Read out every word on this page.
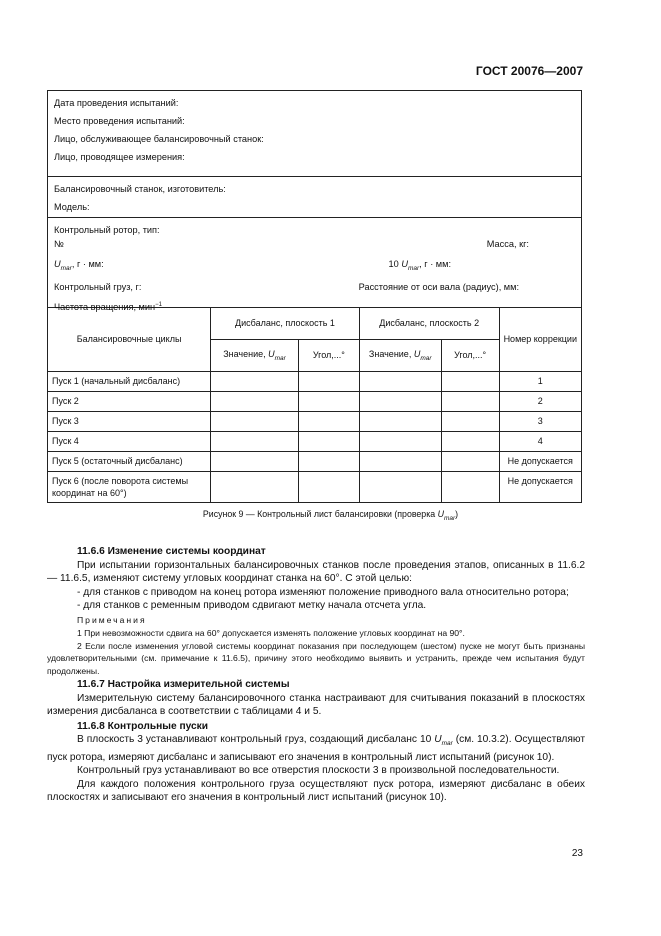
ГОСТ 20076—2007
Дата проведения испытаний:
Место проведения испытаний:
Лицо, обслуживающее балансировочный станок:
Лицо, проводящее измерения:
Балансировочный станок, изготовитель:
Модель:
Контрольный ротор, тип:
№	Масса, кг:
$U_{mar}$, г · мм:	10 $U_{mar}$, г · мм:
Контрольный груз, г:	Расстояние от оси вала (радиус), мм:
Частота вращения, мин$^{-1}$
Балансировочные циклы	Дисбаланс, плоскость 1		Дисбаланс, плоскость 2		Номер коррекции
	Значение, $U_{mar}$	Угол,...°	Значение, $U_{mar}$	Угол,...°	
Пуск 1 (начальный дисбаланс)					1
Пуск 2					2
Пуск 3					3
Пуск 4					4
Пуск 5 (остаточный дисбаланс)					Не допускается
Пуск 6 (после поворота системы координат на 60°)					Не допускается
Рисунок 9 — Контрольный лист балансировки (проверка $U_{mar}$)

11.6.6 Изменение системы координат

При испытании горизонтальных балансировочных станков после проведения этапов, описанных в 11.6.2 — 11.6.5, изменяют систему угловых координат станка на 60°. С этой целью:

- для станков с приводом на конец ротора изменяют положение приводного вала относительно ротора;

- для станков с ременным приводом сдвигают метку начала отсчета угла.

Примечания

1 При невозможности сдвига на 60° допускается изменять положение угловых координат на 90°.

2 Если после изменения угловой системы координат показания при последующем (шестом) пуске не могут быть признаны удовлетворительными (см. примечание к 11.6.5), причину этого необходимо выявить и устранить, прежде чем испытания будут продолжены.

11.6.7 Настройка измерительной системы

Измерительную систему балансировочного станка настраивают для считывания показаний в плоскостях измерения дисбаланса в соответствии с таблицами 4 и 5.

11.6.8 Контрольные пуски

В плоскость 3 устанавливают контрольный груз, создающий дисбаланс 10 $U_{mar}$ (см. 10.3.2). Осуществляют пуск ротора, измеряют дисбаланс и записывают его значения в контрольный лист испытаний (рисунок 10).

Контрольный груз устанавливают во все отверстия плоскости 3 в произвольной последовательности.

Для каждого положения контрольного груза осуществляют пуск ротора, измеряют дисбаланс в обеих плоскостях и записывают его значения в контрольный лист испытаний (рисунок 10).

23
